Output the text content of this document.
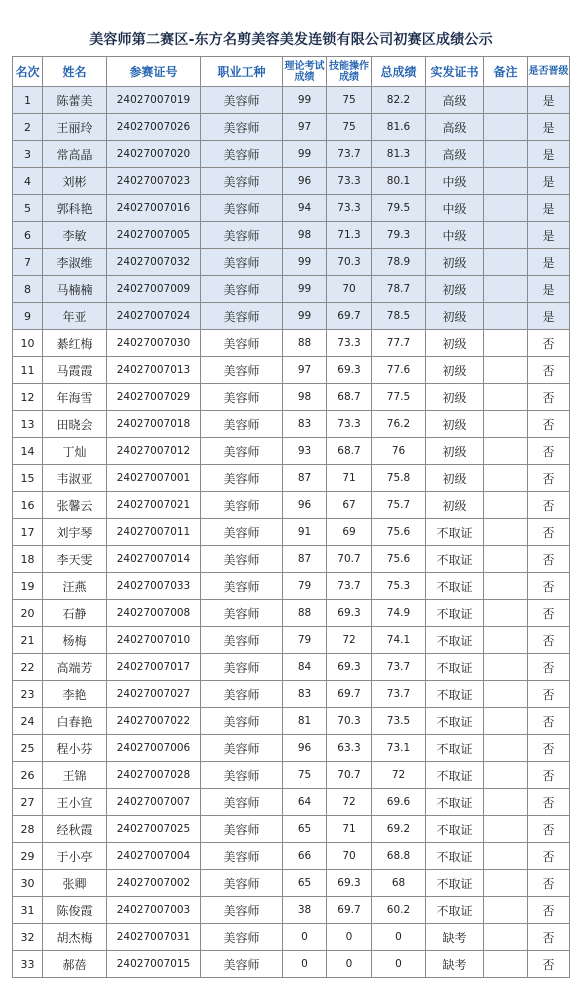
美容师第二赛区-东方名剪美容美发连锁有限公司初赛区成绩公示
名次	姓名	参赛证号	职业工种	理论考试成绩	技能操作成绩	总成绩	实发证书	备注	是否晋级
1	陈蕾美	24027007019	美容师	99	75	82.2	高级		是
2	王丽玲	24027007026	美容师	97	75	81.6	高级		是
3	常高晶	24027007020	美容师	99	73.7	81.3	高级		是
4	刘彬	24027007023	美容师	96	73.3	80.1	中级		是
5	郭科艳	24027007016	美容师	94	73.3	79.5	中级		是
6	李敏	24027007005	美容师	98	71.3	79.3	中级		是
7	李淑维	24027007032	美容师	99	70.3	78.9	初级		是
8	马楠楠	24027007009	美容师	99	70	78.7	初级		是
9	年亚	24027007024	美容师	99	69.7	78.5	初级		是
10	綦红梅	24027007030	美容师	88	73.3	77.7	初级		否
11	马霞霞	24027007013	美容师	97	69.3	77.6	初级		否
12	年海雪	24027007029	美容师	98	68.7	77.5	初级		否
13	田晓会	24027007018	美容师	83	73.3	76.2	初级		否
14	丁灿	24027007012	美容师	93	68.7	76	初级		否
15	韦淑亚	24027007001	美容师	87	71	75.8	初级		否
16	张馨云	24027007021	美容师	96	67	75.7	初级		否
17	刘宇琴	24027007011	美容师	91	69	75.6	不取证		否
18	李天雯	24027007014	美容师	87	70.7	75.6	不取证		否
19	汪燕	24027007033	美容师	79	73.7	75.3	不取证		否
20	石静	24027007008	美容师	88	69.3	74.9	不取证		否
21	杨梅	24027007010	美容师	79	72	74.1	不取证		否
22	高端芳	24027007017	美容师	84	69.3	73.7	不取证		否
23	李艳	24027007027	美容师	83	69.7	73.7	不取证		否
24	白春艳	24027007022	美容师	81	70.3	73.5	不取证		否
25	程小芬	24027007006	美容师	96	63.3	73.1	不取证		否
26	王锦	24027007028	美容师	75	70.7	72	不取证		否
27	王小宣	24027007007	美容师	64	72	69.6	不取证		否
28	经秋霞	24027007025	美容师	65	71	69.2	不取证		否
29	于小亭	24027007004	美容师	66	70	68.8	不取证		否
30	张卿	24027007002	美容师	65	69.3	68	不取证		否
31	陈俊霞	24027007003	美容师	38	69.7	60.2	不取证		否
32	胡杰梅	24027007031	美容师	0	0	0	缺考		否
33	郝蓓	24027007015	美容师	0	0	0	缺考		否
